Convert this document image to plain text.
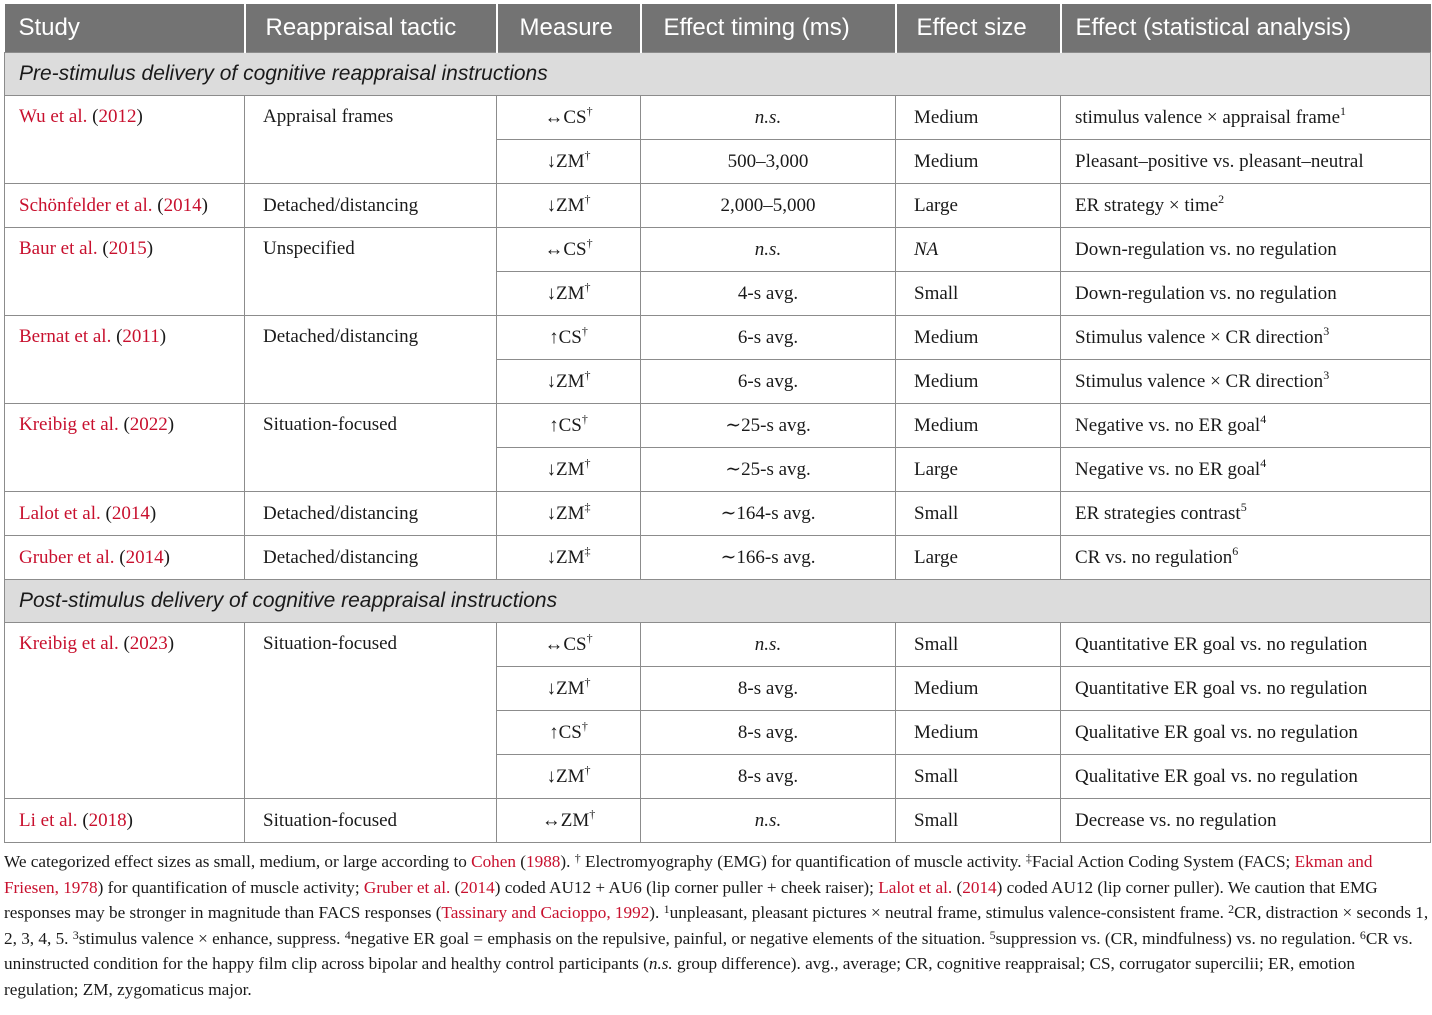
Study	Reappraisal tactic	Measure	Effect timing (ms)	Effect size	Effect (statistical analysis)
Pre-stimulus delivery of cognitive reappraisal instructions					
Wu et al. (2012)	Appraisal frames	↔CS†	n.s.	Medium	stimulus valence × appraisal frame$^1$
		↓ZM†	500–3,000	Medium	Pleasant–positive vs. pleasant–neutral
Schönfelder et al. (2014)	Detached/distancing	↓ZM†	2,000–5,000	Large	ER strategy × time$^2$
Baur et al. (2015)	Unspecified	↔CS†	n.s.	NA	Down-regulation vs. no regulation
		↓ZM†	4-s avg.	Small	Down-regulation vs. no regulation
Bernat et al. (2011)	Detached/distancing	↑CS†	6-s avg.	Medium	Stimulus valence × CR direction$^3$
		↓ZM†	6-s avg.	Medium	Stimulus valence × CR direction$^3$
Kreibig et al. (2022)	Situation-focused	↑CS†	∼25-s avg.	Medium	Negative vs. no ER goal$^4$
		↓ZM†	∼25-s avg.	Large	Negative vs. no ER goal$^4$
Lalot et al. (2014)	Detached/distancing	↓ZM‡	∼164-s avg.	Small	ER strategies contrast$^5$
Gruber et al. (2014)	Detached/distancing	↓ZM‡	∼166-s avg.	Large	CR vs. no regulation$^6$
Post-stimulus delivery of cognitive reappraisal instructions					
Kreibig et al. (2023)	Situation-focused	↔CS†	n.s.	Small	Quantitative ER goal vs. no regulation
		↓ZM†	8-s avg.	Medium	Quantitative ER goal vs. no regulation
		↑CS†	8-s avg.	Medium	Qualitative ER goal vs. no regulation
		↓ZM†	8-s avg.	Small	Qualitative ER goal vs. no regulation
Li et al. (2018)	Situation-focused	↔ZM†	n.s.	Small	Decrease vs. no regulation

We categorized effect sizes as small, medium, or large according to Cohen (1988). † Electromyography (EMG) for quantification of muscle activity. ‡Facial Action Coding System (FACS; Ekman and Friesen, 1978) for quantification of muscle activity; Gruber et al. (2014) coded AU12 + AU6 (lip corner puller + cheek raiser); Lalot et al. (2014) coded AU12 (lip corner puller). We caution that EMG responses may be stronger in magnitude than FACS responses (Tassinary and Cacioppo, 1992). $^1$unpleasant, pleasant pictures × neutral frame, stimulus valence-consistent frame. $^2$CR, distraction × seconds 1, 2, 3, 4, 5. $^3$stimulus valence × enhance, suppress. $^4$negative ER goal = emphasis on the repulsive, painful, or negative elements of the situation. $^5$suppression vs. (CR, mindfulness) vs. no regulation. $^6$CR vs. uninstructed condition for the happy film clip across bipolar and healthy control participants (n.s. group difference). avg., average; CR, cognitive reappraisal; CS, corrugator supercilii; ER, emotion regulation; ZM, zygomaticus major.
